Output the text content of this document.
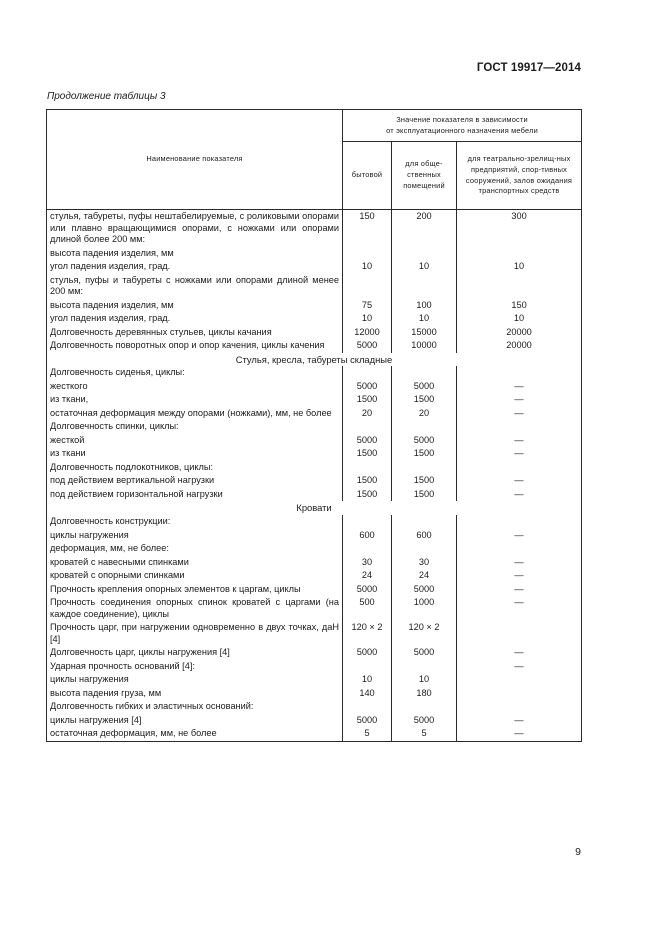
ГОСТ 19917—2014
Продолжение таблицы 3
Наименование показателя	Значение показателя в зависимости
от эксплуатационного назначения мебели		
	бытовой	для обще-ственных помещений	для театрально-зрелищ-ных предприятий, спор-тивных сооружений, залов ожидания транспортных средств
стулья, табуреты, пуфы нештабелируемые, с роликовыми опорами или плавно вращающимися опорами, с ножками или опорами длиной более 200 мм:	150	200	300
высота падения изделия, мм			
угол падения изделия, град.	10	10	10
стулья, пуфы и табуреты с ножками или опорами длиной менее 200 мм:			
высота падения изделия, мм	75	100	150
угол падения изделия, град.	10	10	10
Долговечность деревянных стульев, циклы качания	12000	15000	20000
Долговечность поворотных опор и опор качения, циклы качения	5000	10000	20000
Стулья, кресла, табуреты складные			
Долговечность сиденья, циклы:			
жесткого	5000	5000	—
из ткани,	1500	1500	—
остаточная деформация между опорами (ножками), мм, не более	20	20	—
Долговечность спинки, циклы:			
жесткой	5000	5000	—
из ткани	1500	1500	—
Долговечность подлокотников, циклы:			
под действием вертикальной нагрузки	1500	1500	—
под действием горизонтальной нагрузки	1500	1500	—
Кровати			
Долговечность конструкции:			
циклы нагружения	600	600	—
деформация, мм, не более:			
кроватей с навесными спинками	30	30	—
кроватей с опорными спинками	24	24	—
Прочность крепления опорных элементов к царгам, циклы	5000	5000	—
Прочность соединения опорных спинок кроватей с царгами (на каждое соединение), циклы	500	1000	—
Прочность царг, при нагружении одновременно в двух точках, даН [4]	120 × 2	120 × 2	
Долговечность царг, циклы нагружения [4]	5000	5000	—
Ударная прочность оснований [4]:			—
циклы нагружения	10	10	
высота падения груза, мм	140	180	
Долговечность гибких и эластичных оснований:			
циклы нагружения [4]	5000	5000	—
остаточная деформация, мм, не более	5	5	—
9
